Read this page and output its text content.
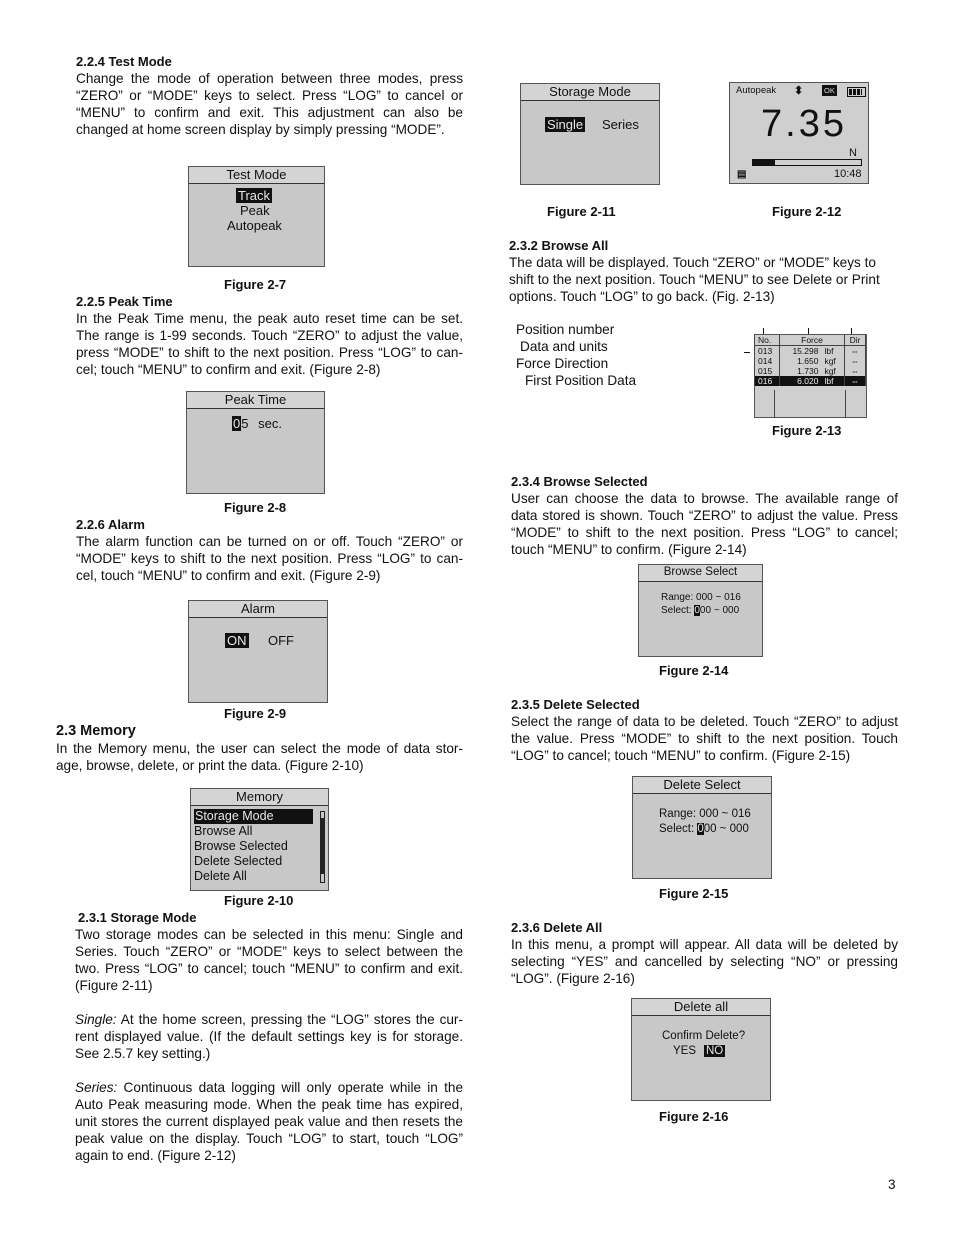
2.2.4 Test Mode

Change the mode of operation between three modes, press “ZERO” or “MODE” keys to select. Press “LOG” to cancel or “MENU” to confirm and exit. This adjustment can also be changed at home screen display by simply pressing “MODE”.

Test Mode
Track
Peak
Autopeak
Figure 2-7
2.2.5 Peak Time

In the Peak Time menu, the peak auto reset time can be set. The range is 1-99 seconds. Touch “ZERO” to adjust the value, press “MODE” to shift to the next position. Press “LOG” to can-cel; touch “MENU” to confirm and exit. (Figure 2-8)

Peak Time
05 sec.
Figure 2-8
2.2.6 Alarm

The alarm function can be turned on or off. Touch “ZERO” or “MODE” keys to shift to the next position. Press “LOG” to can-cel, touch “MENU” to confirm and exit. (Figure 2-9)

Alarm
ON OFF
Figure 2-9
2.3 Memory

In the Memory menu, the user can select the mode of data stor-age, browse, delete, or print the data. (Figure 2-10)

Memory
Storage Mode
Browse All
Browse Selected
Delete Selected
Delete All
Figure 2-10
2.3.1 Storage Mode

Two storage modes can be selected in this menu: Single and Series. Touch “ZERO” or “MODE” keys to select between the two. Press “LOG” to cancel; touch “MENU” to confirm and exit. (Figure 2-11)

Single: At the home screen, pressing the “LOG” stores the cur-rent displayed value. (If the default settings key is for storage. See 2.5.7 key setting.)

Series: Continuous data logging will only operate while in the Auto Peak measuring mode. When the peak time has expired, unit stores the current displayed peak value and then resets the peak value on the display. Touch “LOG” to start, touch “LOG” again to end. (Figure 2-12)

Storage Mode
Single Series
Figure 2-11
Autopeak ⬍	OK
7.35
N
▤	10:48
Figure 2-12
2.3.2 Browse All

The data will be displayed. Touch “ZERO” or “MODE” keys to shift to the next position. Touch “MENU” to see Delete or Print options. Touch “LOG” to go back. (Fig. 2-13)

Position number
Data and units
Force Direction
First Position Data
No.	Force		Dir
013	15.298	lbf	⇔
014	1.650	kgf	⇔
015	1.730	kgf	⇔
016	6.020	lbf	⇔
Figure 2-13
2.3.4 Browse Selected

User can choose the data to browse. The available range of data stored is shown. Touch “ZERO” to adjust the value. Press “MODE” to shift to the next position. Press “LOG” to cancel; touch “MENU” to confirm. (Figure 2-14)

Browse Select
Range: 000 ~ 016
Select: 000 ~ 000
Figure 2-14
2.3.5 Delete Selected

Select the range of data to be deleted. Touch “ZERO” to adjust the value. Press “MODE” to shift to the next position. Touch “LOG” to cancel; touch “MENU” to confirm. (Figure 2-15)

Delete Select
Range: 000 ~ 016
Select: 000 ~ 000
Figure 2-15
2.3.6 Delete All

In this menu, a prompt will appear. All data will be deleted by selecting “YES” and cancelled by selecting “NO” or pressing “LOG”. (Figure 2-16)

Delete all
Confirm Delete?
YES NO
Figure 2-16
3
